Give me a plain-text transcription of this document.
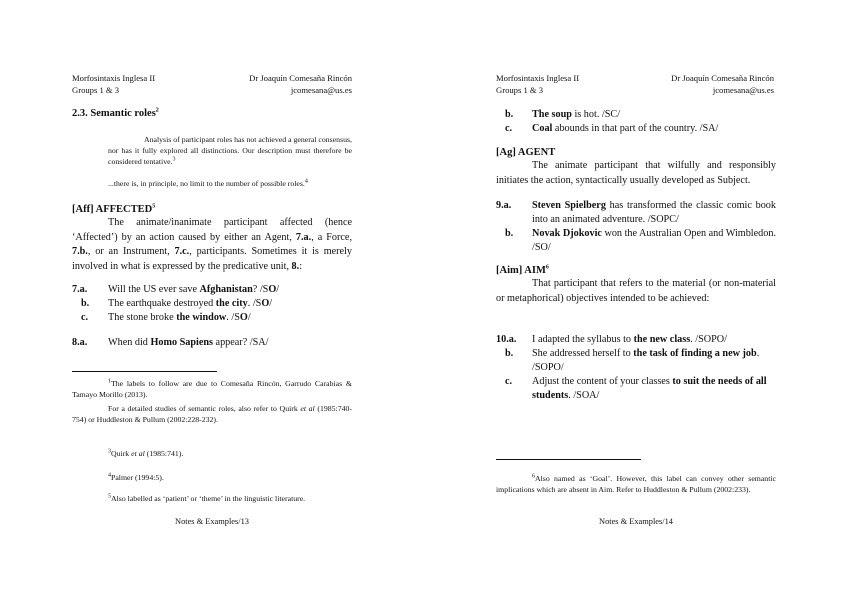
Morfosintaxis Inglesa II
Groups 1 & 3
Dr Joaquín Comesaña Rincón
jcomesana@us.es
2.3. Semantic roles$^2$
Analysis of participant roles has not achieved a general consensus, nor has it fully explored all distinctions. Our description must therefore be considered tentative.$^3$
...there is, in principle, no limit to the number of possible roles.$^4$
[Aff] AFFECTED$^5$
The animate/inanimate participant affected (hence ‘Affected’) by an action caused by either an Agent, 7.a., a Force, 7.b., or an Instrument, 7.c., participants. Sometimes it is merely involved in what is expressed by the predicative unit, 8.:
7.a. Will the US ever save Afghanistan? /SO/
b. The earthquake destroyed the city. /SO/
c. The stone broke the window. /SO/
8.a. When did Homo Sapiens appear? /SA/
$^1$The labels to follow are due to Comesaña Rincón, Garrudo Carabias & Tamayo Morillo (2013).
For a detailed studies of semantic roles, also refer to Quirk et al (1985:740-754) or Huddleston & Pullum (2002:228-232).
$^3$Quirk et al (1985:741).
$^4$Palmer (1994:5).
$^5$Also labelled as ‘patient’ or ‘theme’ in the linguistic literature.
Notes & Examples/13
Morfosintaxis Inglesa II
Groups 1 & 3
Dr Joaquín Comesaña Rincón
jcomesana@us.es
b. The soup is hot. /SC/
c. Coal abounds in that part of the country. /SA/
[Ag] AGENT
The animate participant that wilfully and responsibly initiates the action, syntactically usually developed as Subject.
9.a. Steven Spielberg has transformed the classic comic book into an animated adventure. /SOPC/
b. Novak Djokovic won the Australian Open and Wimbledon. /SO/
[Aim] AIM$^6$
That participant that refers to the material (or non-material or metaphorical) objectives intended to be achieved:
10.a. I adapted the syllabus to the new class. /SOPO/
b. She addressed herself to the task of finding a new job. /SOPO/
c. Adjust the content of your classes to suit the needs of all students. /SOA/
$^6$Also named as ‘Goal’. However, this label can convey other semantic implications which are absent in Aim. Refer to Huddleston & Pullum (2002:233).
Notes & Examples/14
